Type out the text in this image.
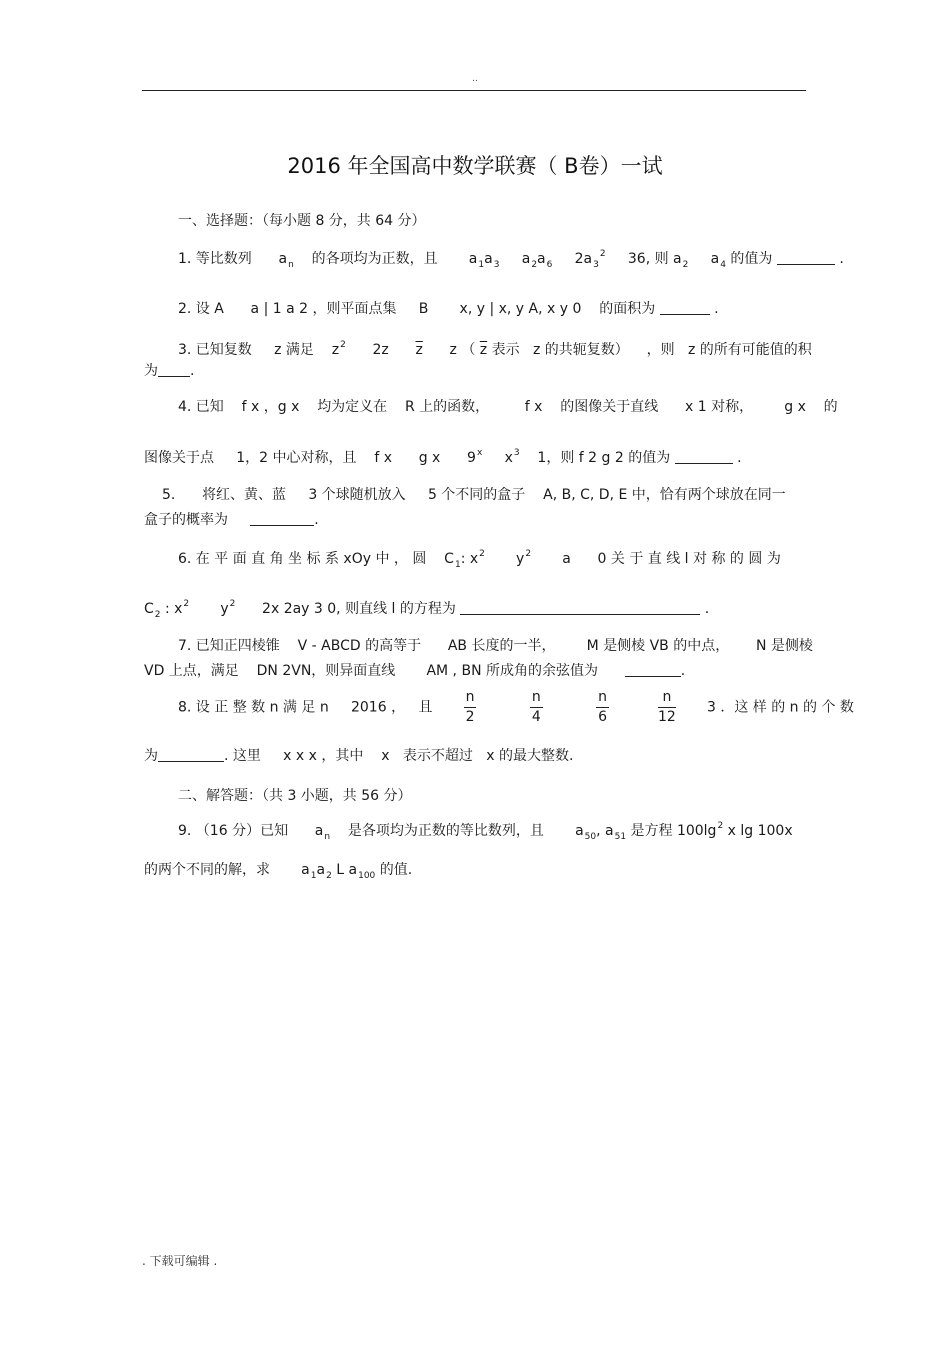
..
2016 年全国高中数学联赛（ B卷）一试
一、选择题：（每小题 8 分，共 64 分）
1. 等比数列 $a_n$ 的各项均为正数，且 $a_1a_3$ $a_2a_6$ $2a_3^2$ 36, 则 $a_2$ $a_4$ 的值为	.
2. 设 A a | 1 a 2 ，则平面点集 B x, y | x, y A, x y 0 的面积为	.
3. 已知复数 z 满足 $z^2$ 2z $\overline{z}$ z （ $\overline{z}$ 表示 z 的共轭复数） ，则 z 的所有可能值的积
为 .
4. 已知 f x ，g x 均为定义在 R 上的函数，	f x 的图像关于直线 x 1 对称， g x 的
图像关于点 1，2 中心对称，且 f x g x 9$^x$ $x^3$ 1，则 f 2 g 2 的值为	.
5. 将红、黄、蓝 3 个球随机放入 5 个不同的盒子 A, B, C, D, E 中，恰有两个球放在同一
盒子的概率为	.
6. 在 平 面 直 角 坐 标 系 xOy 中 ， 圆 $C_1$: $x^2$ $y^2$ a 0 关 于 直 线 l 对 称 的 圆 为
$C_2$ : $x^2$ $y^2$ 2x 2ay 3 0, 则直线 l 的方程为	.
7. 已知正四棱锥 V - ABCD 的高等于 AB 长度的一半， M 是侧棱 VB 的中点， N 是侧棱
VD 上点，满足 DN 2VN，则异面直线 AM , BN 所成角的余弦值为	.
8. 设 正 整 数 n 满 足 n 2016 ， 且 $\frac{n}{2}$
	$\frac{n}{4}$
	$\frac{n}{6}$
	$\frac{n}{12} 3$ ．这 样 的 n 的 个 数
为	. 这里 x x x ，其中 x 表示不超过 x 的最大整数.
二、解答题：（共 3 小题，共 56 分）
9. （16 分）已知 $a_n$ 是各项均为正数的等比数列，且 $a_{50}$, $a_{51}$ 是方程 $100\lg^2$ x lg 100x
的两个不同的解，求 $a_1a_2$ L $a_{100}$ 的值.
. 下载可编辑 .
